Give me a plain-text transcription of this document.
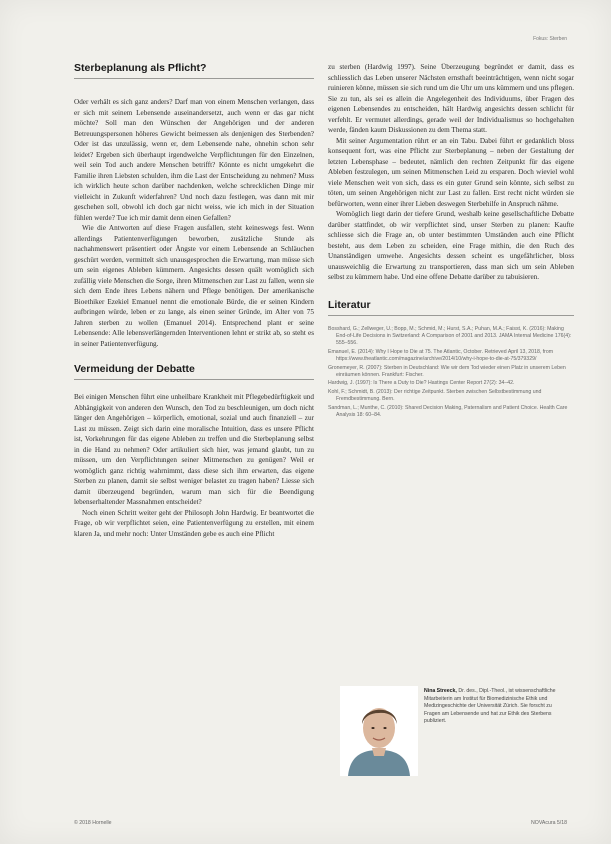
Fokus: Sterben
Sterbeplanung als Pflicht?

Oder verhält es sich ganz anders? Darf man von einem Menschen verlangen, dass er sich mit seinem Lebensende auseinandersetzt, auch wenn er das gar nicht möchte? Soll man den Wünschen der Angehörigen und der anderen Betreuungspersonen höheres Gewicht beimessen als denjenigen des Sterbenden? Oder ist das unzulässig, wenn er, dem Lebensende nahe, ohnehin schon sehr leidet? Ergeben sich überhaupt irgendwelche Verpflichtungen für den Einzelnen, weil sein Tod auch andere Menschen betrifft? Könnte es nicht umgekehrt die Familie ihren Liebsten schulden, ihm die Last der Entscheidung zu nehmen? Muss ich wirklich heute schon darüber nachdenken, welche schrecklichen Dinge mir vielleicht in Zukunft widerfahren? Und noch dazu festlegen, was dann mit mir geschehen soll, obwohl ich doch gar nicht weiss, wie ich mich in der Situation fühlen werde? Tue ich mir damit denn einen Gefallen?

Wie die Antworten auf diese Fragen ausfallen, steht keineswegs fest. Wenn allerdings Patientenverfügungen beworben, zusätzliche Stunde als nachahmenswert präsentiert oder Ängste vor einem Lebensende an Schläuchen geschürt werden, vermittelt sich unausgesprochen die Erwartung, man müsse sich um sein eigenes Ableben kümmern. Angesichts dessen quält womöglich sich zufällig viele Menschen die Sorge, ihren Mitmenschen zur Last zu fallen, wenn sie sich dem Ende ihres Lebens nähern und Pflege benötigen. Der amerikanische Bioethiker Ezekiel Emanuel nennt die emotionale Bürde, die er seinen Kindern aufbringen würde, leben er zu lange, als einen seiner Gründe, im Alter von 75 Jahren sterben zu wollen (Emanuel 2014). Entsprechend plant er seine Lebensende: Alle lebensverlängernden Interventionen lehnt er strikt ab, so steht es in seiner Patientenverfügung.

Vermeidung der Debatte

Bei einigen Menschen führt eine unheilbare Krankheit mit Pflegebedürftigkeit und Abhängigkeit von anderen den Wunsch, den Tod zu beschleunigen, um doch nicht länger den Angehörigen – körperlich, emotional, sozial und auch finanziell – zur Last zu müssen. Zeigt sich darin eine moralische Intuition, dass es unsere Pflicht ist, Vorkehrungen für das eigene Ableben zu treffen und die Sterbeplanung selbst in die Hand zu nehmen? Oder artikuliert sich hier, was jemand glaubt, tun zu müssen, um den Verpflichtungen seiner Mitmenschen zu genügen? Weil er womöglich ganz richtig wahrnimmt, dass diese sich ihm erwarten, das eigene Sterben zu planen, damit sie selbst weniger belastet zu tragen haben? Liesse sich damit überzeugend begründen, warum man sich für die Beendigung lebenserhaltender Massnahmen entscheidet?

Noch einen Schritt weiter geht der Philosoph John Hardwig. Er beantwortet die Frage, ob wir verpflichtet seien, eine Patientenverfügung zu erstellen, mit einem klaren Ja, und mehr noch: Unter Umständen gebe es auch eine Pflicht

zu sterben (Hardwig 1997). Seine Überzeugung begründet er damit, dass es schliesslich das Leben unserer Nächsten ernsthaft beeinträchtigen, wenn nicht sogar ruinieren könne, müssen sie sich rund um die Uhr um uns kümmern und uns pflegen. Sie zu tun, als sei es allein die Angelegenheit des Individuums, über Fragen des eigenen Lebensendes zu entscheiden, hält Hardwig angesichts dessen schlicht für verfehlt. Er vermutet allerdings, gerade weil der Individualismus so hochgehalten werde, fänden kaum Diskussionen zu dem Thema statt.

Mit seiner Argumentation rührt er an ein Tabu. Dabei führt er gedanklich bloss konsequent fort, was eine Pflicht zur Sterbeplanung – neben der Gestaltung der letzten Lebensphase – bedeutet, nämlich den rechten Zeitpunkt für das eigene Ableben festzulegen, um seinen Mitmenschen Leid zu ersparen. Doch wieviel wohl viele Menschen weit von sich, dass es ein guter Grund sein könnte, sich selbst zu töten, um seinen Angehörigen nicht zur Last zu fallen. Erst recht nicht würden sie befürworten, wenn einer ihrer Lieben deswegen Sterbehilfe in Anspruch nähme.

Womöglich liegt darin der tiefere Grund, weshalb keine gesellschaftliche Debatte darüber stattfindet, ob wir verpflichtet sind, unser Sterben zu planen: Kaufte schliesse sich die Frage an, ob unter bestimmten Umständen auch eine Pflicht besteht, aus dem Leben zu scheiden, eine Frage mithin, die den Ruch des Unanständigen umwehe. Angesichts dessen scheint es ungefährlicher, bloss unausweichlig die Erwartung zu transportieren, dass man sich um sein Ableben selbst zu kümmern habe. Und eine offene Debatte darüber zu tabuisieren.

Literatur

Bosshard, G.; Zellweger, U.; Bopp, M.; Schmid, M.; Hurst, S.A.; Puhan, M.A.; Faisst, K. (2016): Making End-of-Life Decisions in Switzerland: A Comparison of 2001 and 2013. JAMA Internal Medicine 176(4): 555–556.

Emanuel, E. (2014): Why I Hope to Die at 75. The Atlantic, October. Retrieved April 13, 2018, from https://www.theatlantic.com/magazine/archive/2014/10/why-i-hope-to-die-at-75/379329/

Gronemeyer, R. (2007): Sterben in Deutschland: Wie wir dem Tod wieder einen Platz in unserem Leben einräumen können. Frankfurt: Fischer.

Hardwig, J. (1997): Is There a Duty to Die? Hastings Center Report 27(2): 34–42.

Kohl, F.; Schmidt, B. (2013): Der richtige Zeitpunkt. Sterben zwischen Selbstbestimmung und Fremdbestimmung. Bern.

Sandman, L.; Munthe, C. (2010): Shared Decision Making, Paternalism and Patient Choice. Health Care Analysis 18: 60–84.

Nina Streeck, Dr. des., Dipl.-Theol., ist wissenschaftliche Mitarbeiterin am Institut für Biomedizinische Ethik und Medizingeschichte der Universität Zürich. Sie forscht zu Fragen am Lebensende und hat zur Ethik des Sterbens publiziert.
© 2018 Hornelle	NOVAcura 5/18
